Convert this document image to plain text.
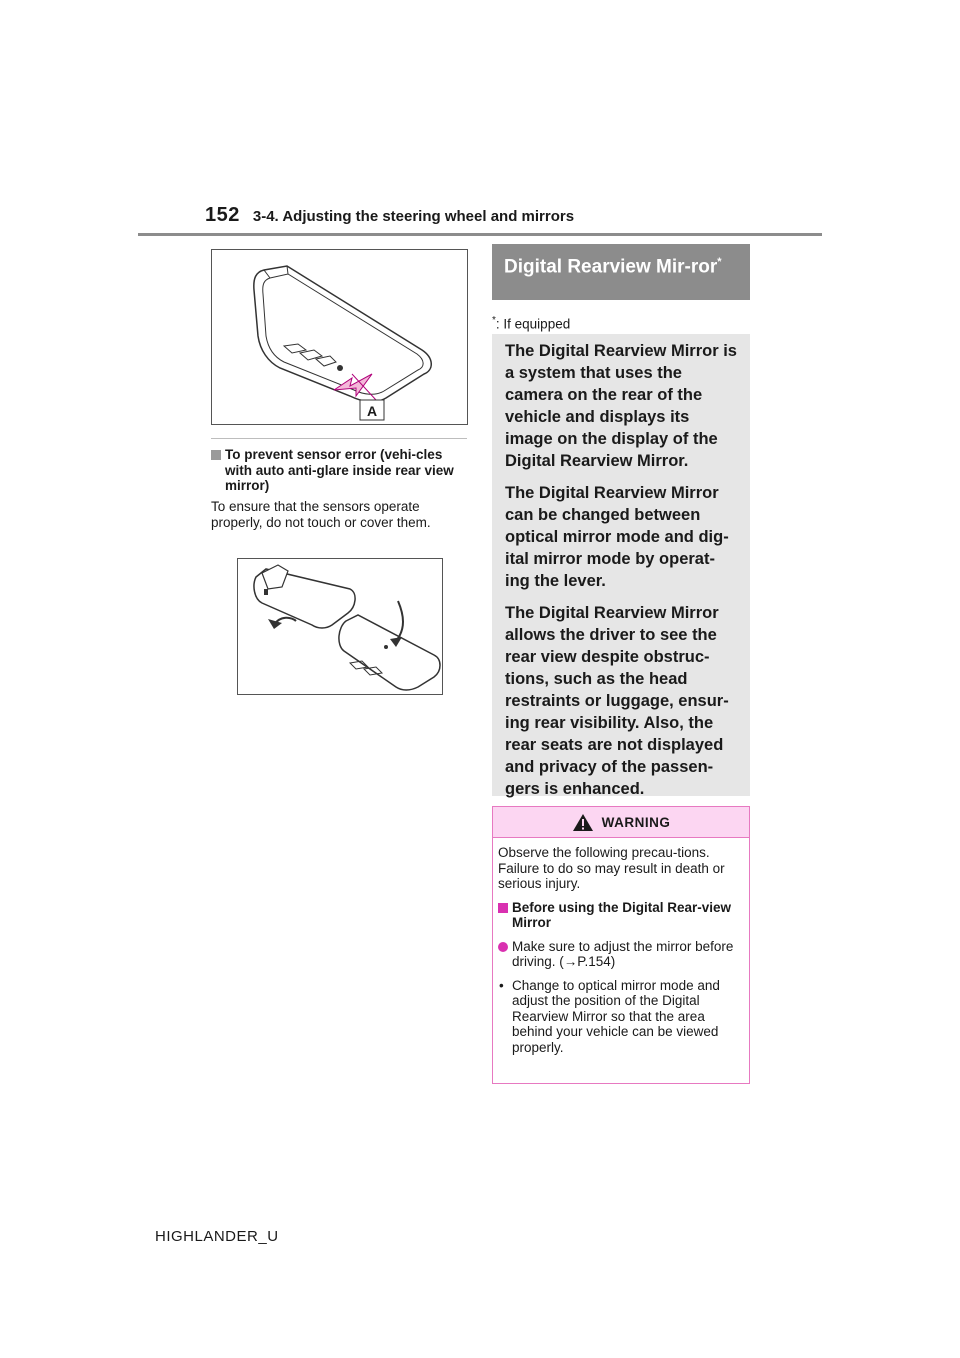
152 3-4. Adjusting the steering wheel and mirrors
A
To prevent sensor error (vehi-cles with auto anti-glare inside rear view mirror)
To ensure that the sensors operate properly, do not touch or cover them.
Digital Rearview Mir-ror*
*: If equipped

The Digital Rearview Mirror is a system that uses the camera on the rear of the vehicle and displays its image on the display of the Digital Rearview Mirror.

The Digital Rearview Mirror can be changed between optical mirror mode and dig-ital mirror mode by operat-ing the lever.

The Digital Rearview Mirror allows the driver to see the rear view despite obstruc-tions, such as the head restraints or luggage, ensur-ing rear visibility. Also, the rear seats are not displayed and privacy of the passen-gers is enhanced.

WARNING

Observe the following precau-tions. Failure to do so may result in death or serious injury.

Before using the Digital Rear-view Mirror
Make sure to adjust the mirror before driving. (→P.154)
• Change to optical mirror mode and adjust the position of the Digital Rearview Mirror so that the area behind your vehicle can be viewed properly.
HIGHLANDER_U
